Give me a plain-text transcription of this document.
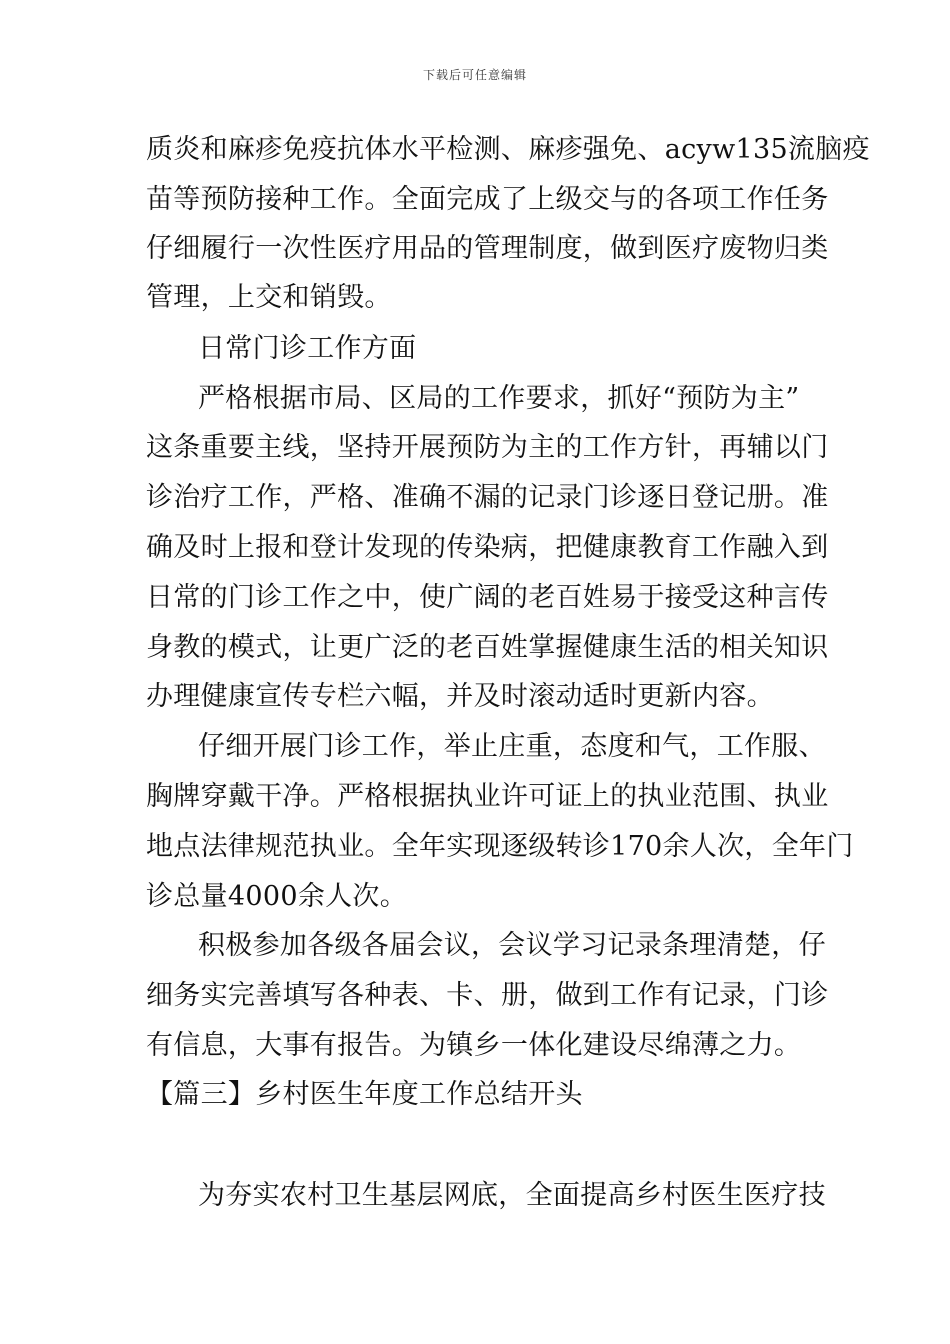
下载后可任意编辑
质炎和麻疹免疫抗体水平检测、麻疹强免、acyw135流脑疫
苗等预防接种工作。全面完成了上级交与的各项工作任务
仔细履行一次性医疗用品的管理制度，做到医疗废物归类
管理，上交和销毁。
日常门诊工作方面
严格根据市局、区局的工作要求，抓好“预防为主”
这条重要主线，坚持开展预防为主的工作方针，再辅以门
诊治疗工作，严格、准确不漏的记录门诊逐日登记册。准
确及时上报和登计发现的传染病，把健康教育工作融入到
日常的门诊工作之中，使广阔的老百姓易于接受这种言传
身教的模式，让更广泛的老百姓掌握健康生活的相关知识
办理健康宣传专栏六幅，并及时滚动适时更新内容。
仔细开展门诊工作，举止庄重，态度和气，工作服、
胸牌穿戴干净。严格根据执业许可证上的执业范围、执业
地点法律规范执业。全年实现逐级转诊170余人次，全年门
诊总量4000余人次。
积极参加各级各届会议，会议学习记录条理清楚，仔
细务实完善填写各种表、卡、册，做到工作有记录，门诊
有信息，大事有报告。为镇乡一体化建设尽绵薄之力。
【篇三】乡村医生年度工作总结开头
为夯实农村卫生基层网底，全面提高乡村医生医疗技
